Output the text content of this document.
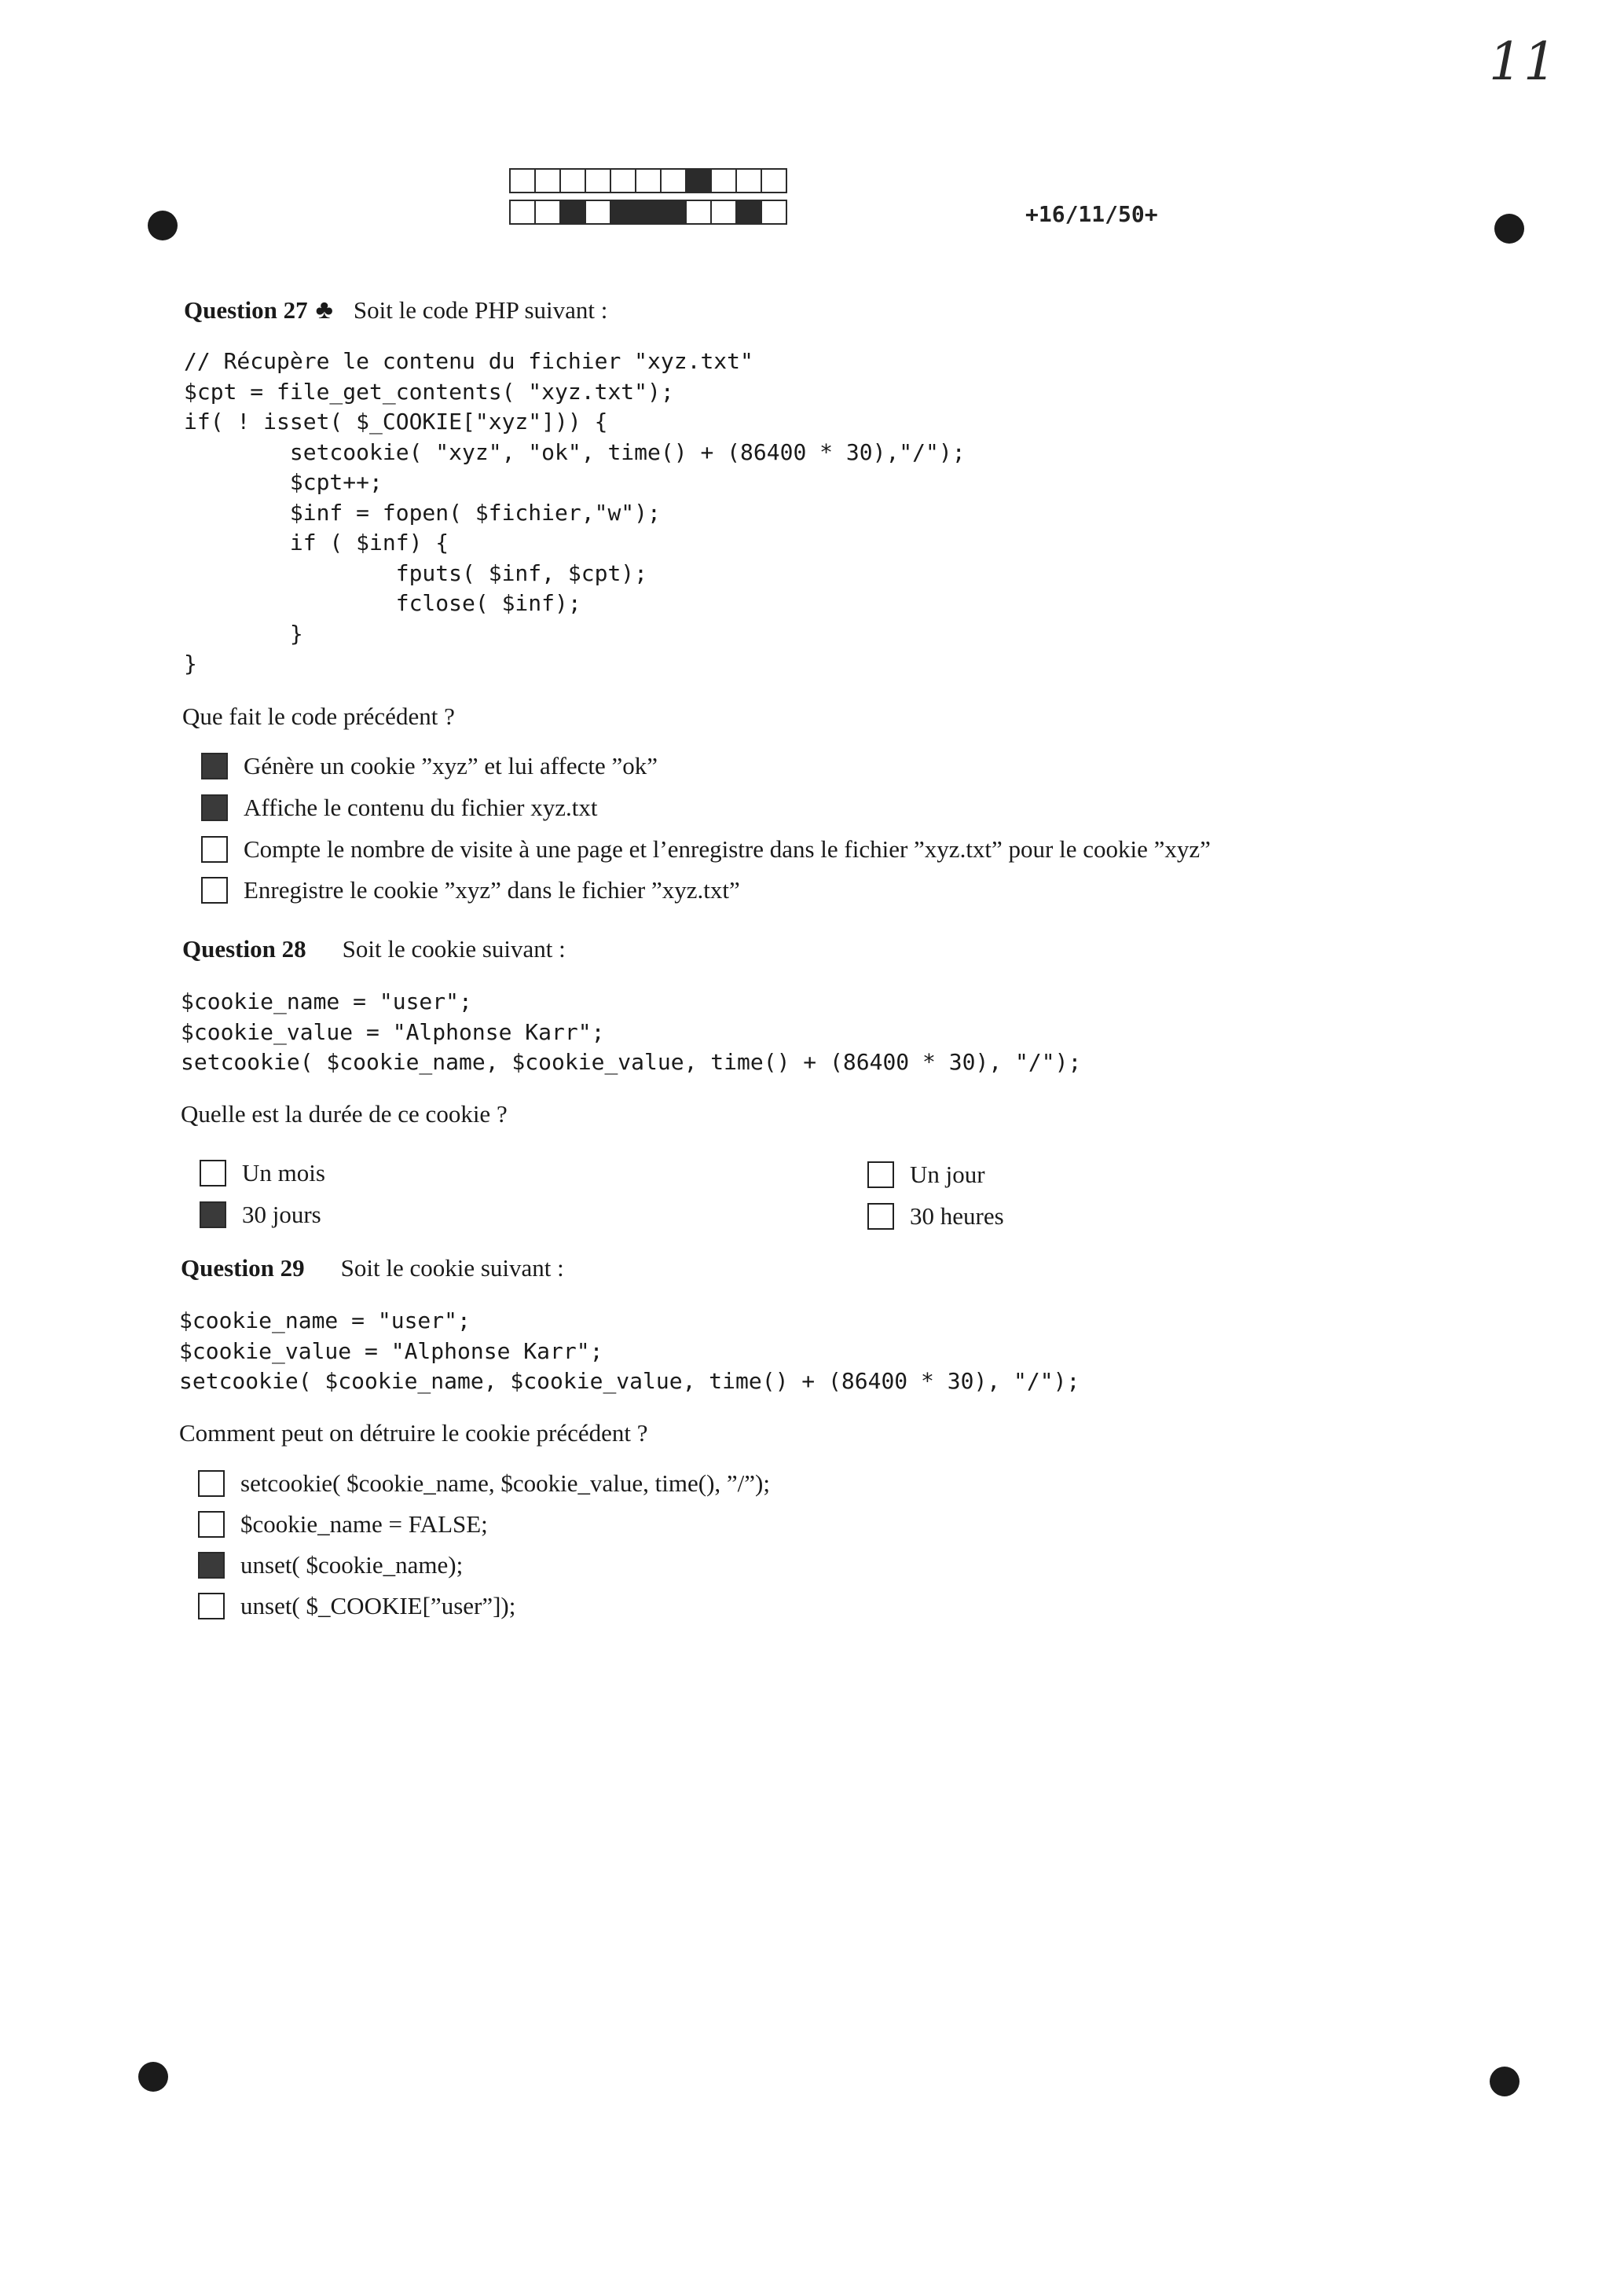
11
+16/11/50+
Question 27 ♣ Soit le code PHP suivant :
// Récupère le contenu du fichier "xyz.txt"
$cpt = file_get_contents( "xyz.txt");
if( ! isset( $_COOKIE["xyz"])) {
setcookie( "xyz", "ok", time() + (86400 * 30),"/");
$cpt++;
$inf = fopen( $fichier,"w");
if ( $inf) {
fputs( $inf, $cpt);
fclose( $inf);
}
}
Que fait le code précédent ?
Génère un cookie ”xyz” et lui affecte ”ok”
Affiche le contenu du fichier xyz.txt
Compte le nombre de visite à une page et l’enregistre dans le fichier ”xyz.txt” pour le cookie ”xyz”
Enregistre le cookie ”xyz” dans le fichier ”xyz.txt”
Question 28 Soit le cookie suivant :
$cookie_name = "user";
$cookie_value = "Alphonse Karr";
setcookie( $cookie_name, $cookie_value, time() + (86400 * 30), "/");
Quelle est la durée de ce cookie ?
Un mois	Un jour
30 jours	30 heures
Question 29 Soit le cookie suivant :
$cookie_name = "user";
$cookie_value = "Alphonse Karr";
setcookie( $cookie_name, $cookie_value, time() + (86400 * 30), "/");
Comment peut on détruire le cookie précédent ?
setcookie( $cookie_name, $cookie_value, time(), ”/”);
$cookie_name = FALSE;
unset( $cookie_name);
unset( $_COOKIE[”user”]);
